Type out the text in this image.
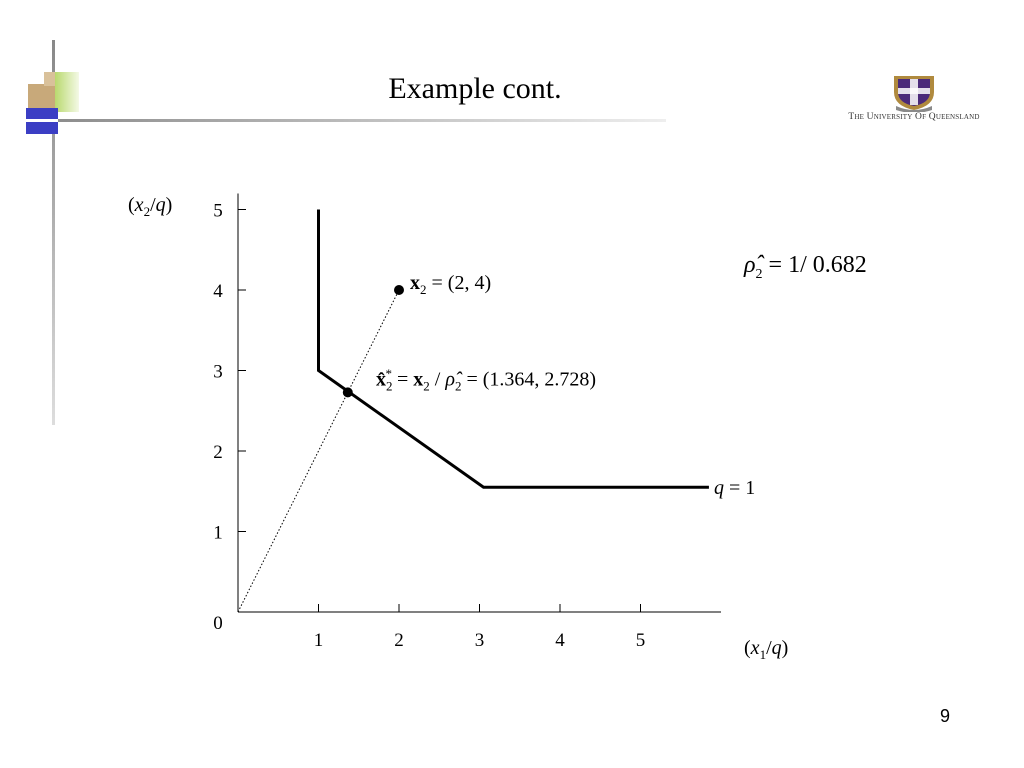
Example cont.
The University Of Queensland
1	2	3	4	5
1
2
3
4
5
0
$(x_2/q)$
$(x_1/q)$
$\rhô_2 = 1/$ 0.682
$x_2 = (2$, 4)
$x̂_2^* = x_2$ / $\rhô_2 = (1.364$, 2.728)
q = 1
9
